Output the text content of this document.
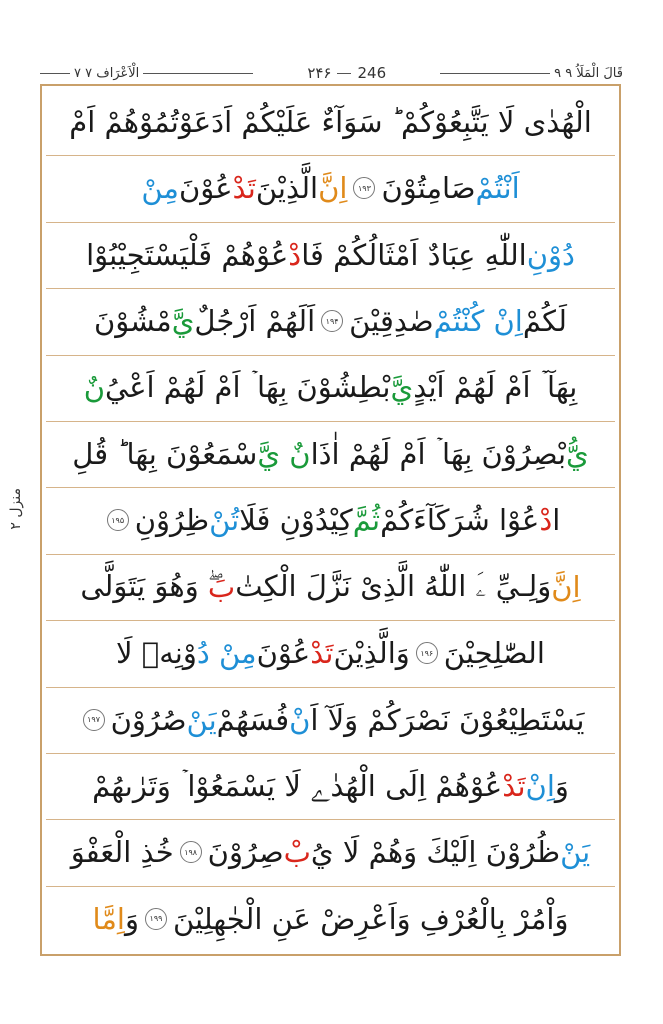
۷ الْاَعْرَاف ۷	۲۴۶ 246	۹ قَالَ الْمَلَاُ ۹
منزل ۲
الْهُدٰى لَا يَتَّبِعُوْكُمْ ؕ سَوَآءٌ عَلَيْكُمْ اَدَعَوْتُمُوْهُمْ اَمْ
اَنْتُمْ
صَامِتُوْنَ
۱۹۳
اِنَّ
الَّذِيْنَ
تَدْ
عُوْنَ
مِنْ
دُوْنِ
اللّٰهِ عِبَادٌ اَمْثَالُكُمْ فَا
دْ
عُوْهُمْ فَلْيَسْتَجِيْبُوْا
لَكُمْ
اِنْ كُنْتُمْ
صٰدِقِيْنَ
۱۹۴
اَلَهُمْ اَرْجُلٌ
يَّ
مْشُوْنَ
بِهَآ ۡ اَمْ لَهُمْ اَيْدٍ
يَّ
بْطِشُوْنَ بِهَا ۡ اَمْ لَهُمْ اَعْيُ
نٌ
يُّ
بْصِرُوْنَ بِهَا ۡ اَمْ لَهُمْ اٰذَا
نٌ يَّ
سْمَعُوْنَ بِهَا ؕ قُلِ
ا
دْ
عُوْا شُرَكَآءَكُمْ
ثُمَّ
كِيْدُوْنِ فَلَا
تُنْ
ظِرُوْنِ
۱۹۵
اِنَّ
وَلِـيِّ ۦَ اللّٰهُ الَّذِىْ نَزَّلَ الْكِتٰ
بَ
ۖ وَهُوَ يَتَوَلَّى
الصّٰلِحِيْنَ
۱۹۶
وَالَّذِيْنَ
تَدْ
عُوْنَ
مِنْ دُ
وْنِهٖ لَا
يَسْتَطِيْعُوْنَ نَصْرَكُمْ وَلَآ اَ
نْ
فُسَهُمْ
يَنْ
صُرُوْنَ
۱۹۷
وَ
اِنْ
تَدْ
عُوْهُمْ اِلَى الْهُدٰے لَا يَسْمَعُوْا ۡ وَتَرٰىهُمْ
يَنْ
ظُرُوْنَ اِلَيْكَ وَهُمْ لَا يُ
بْ
صِرُوْنَ
۱۹۸
خُذِ الْعَفْوَ
وَاْمُرْ بِالْعُرْفِ وَاَعْرِضْ عَنِ الْجٰهِلِيْنَ
۱۹۹
وَ
اِمَّا
